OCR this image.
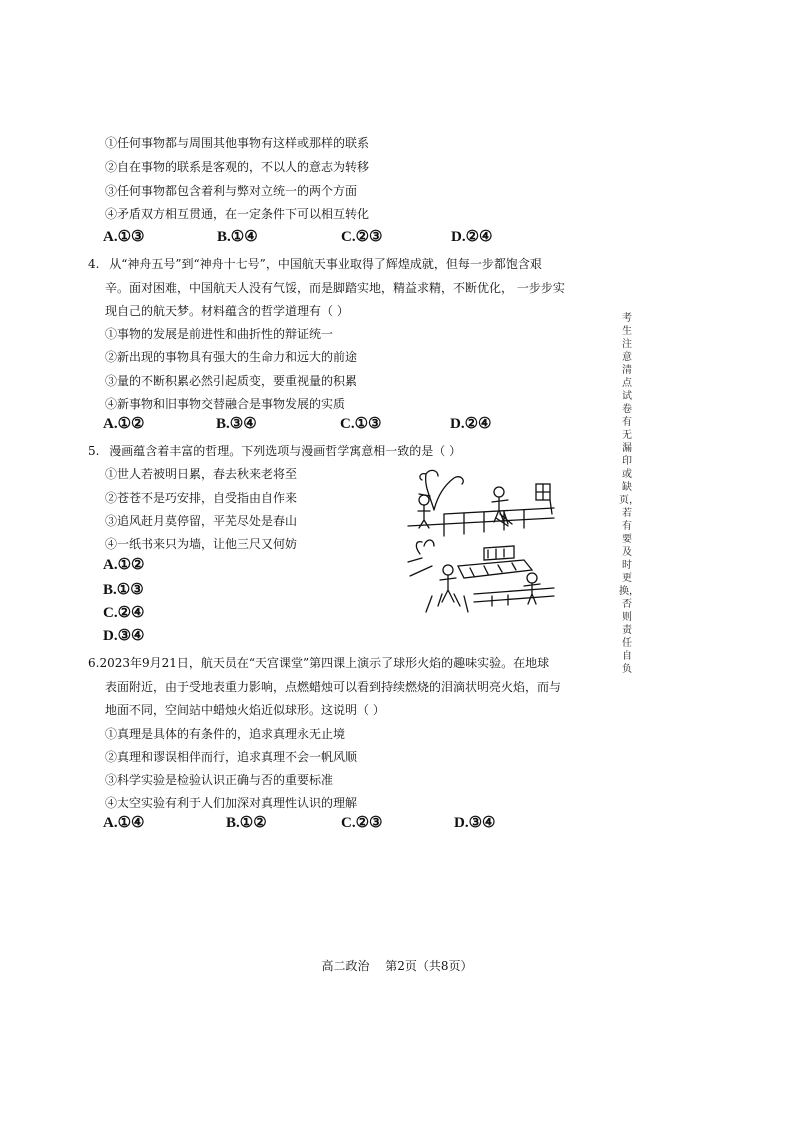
①任何事物都与周围其他事物有这样或那样的联系
②自在事物的联系是客观的，不以人的意志为转移
③任何事物都包含着利与弊对立统一的两个方面
④矛盾双方相互贯通，在一定条件下可以相互转化
A.①③	B.①④	C.②③	D.②④
4. 从“神舟五号”到“神舟十七号”，中国航天事业取得了辉煌成就，但每一步都饱含艰
辛。面对困难，中国航天人没有气馁，而是脚踏实地，精益求精，不断优化， 一步步实
现自己的航天梦。材料蕴含的哲学道理有（ ）
①事物的发展是前进性和曲折性的辩证统一
②新出现的事物具有强大的生命力和远大的前途
③量的不断积累必然引起质变，要重视量的积累
④新事物和旧事物交替融合是事物发展的实质
A.①②	B.③④	C.①③	D.②④
5. 漫画蕴含着丰富的哲理。下列选项与漫画哲学寓意相一致的是（ ）
①世人若被明日累，春去秋来老将至
②苍苍不是巧安排，自受指由自作来
③追风赶月莫停留，平芜尽处是春山
④一纸书来只为墙，让他三尺又何妨
A.①②
B.①③
C.②④
D.③④
6.2023年9月21日，航天员在“天宫课堂”第四课上演示了球形火焰的趣味实验。在地球
表面附近，由于受地表重力影响，点燃蜡烛可以看到持续燃烧的泪滴状明亮火焰，而与
地面不同，空间站中蜡烛火焰近似球形。这说明（ ）
①真理是具体的有条件的，追求真理永无止境
②真理和谬误相伴而行，追求真理不会一帆风顺
③科学实验是检验认识正确与否的重要标准
④太空实验有利于人们加深对真理性认识的理解
A.①④	B.①②	C.②③	D.③④
考生注意清点试卷有无漏印或缺页，若有要及时更换，否则责任自负
高二政治 第2页（共8页）
